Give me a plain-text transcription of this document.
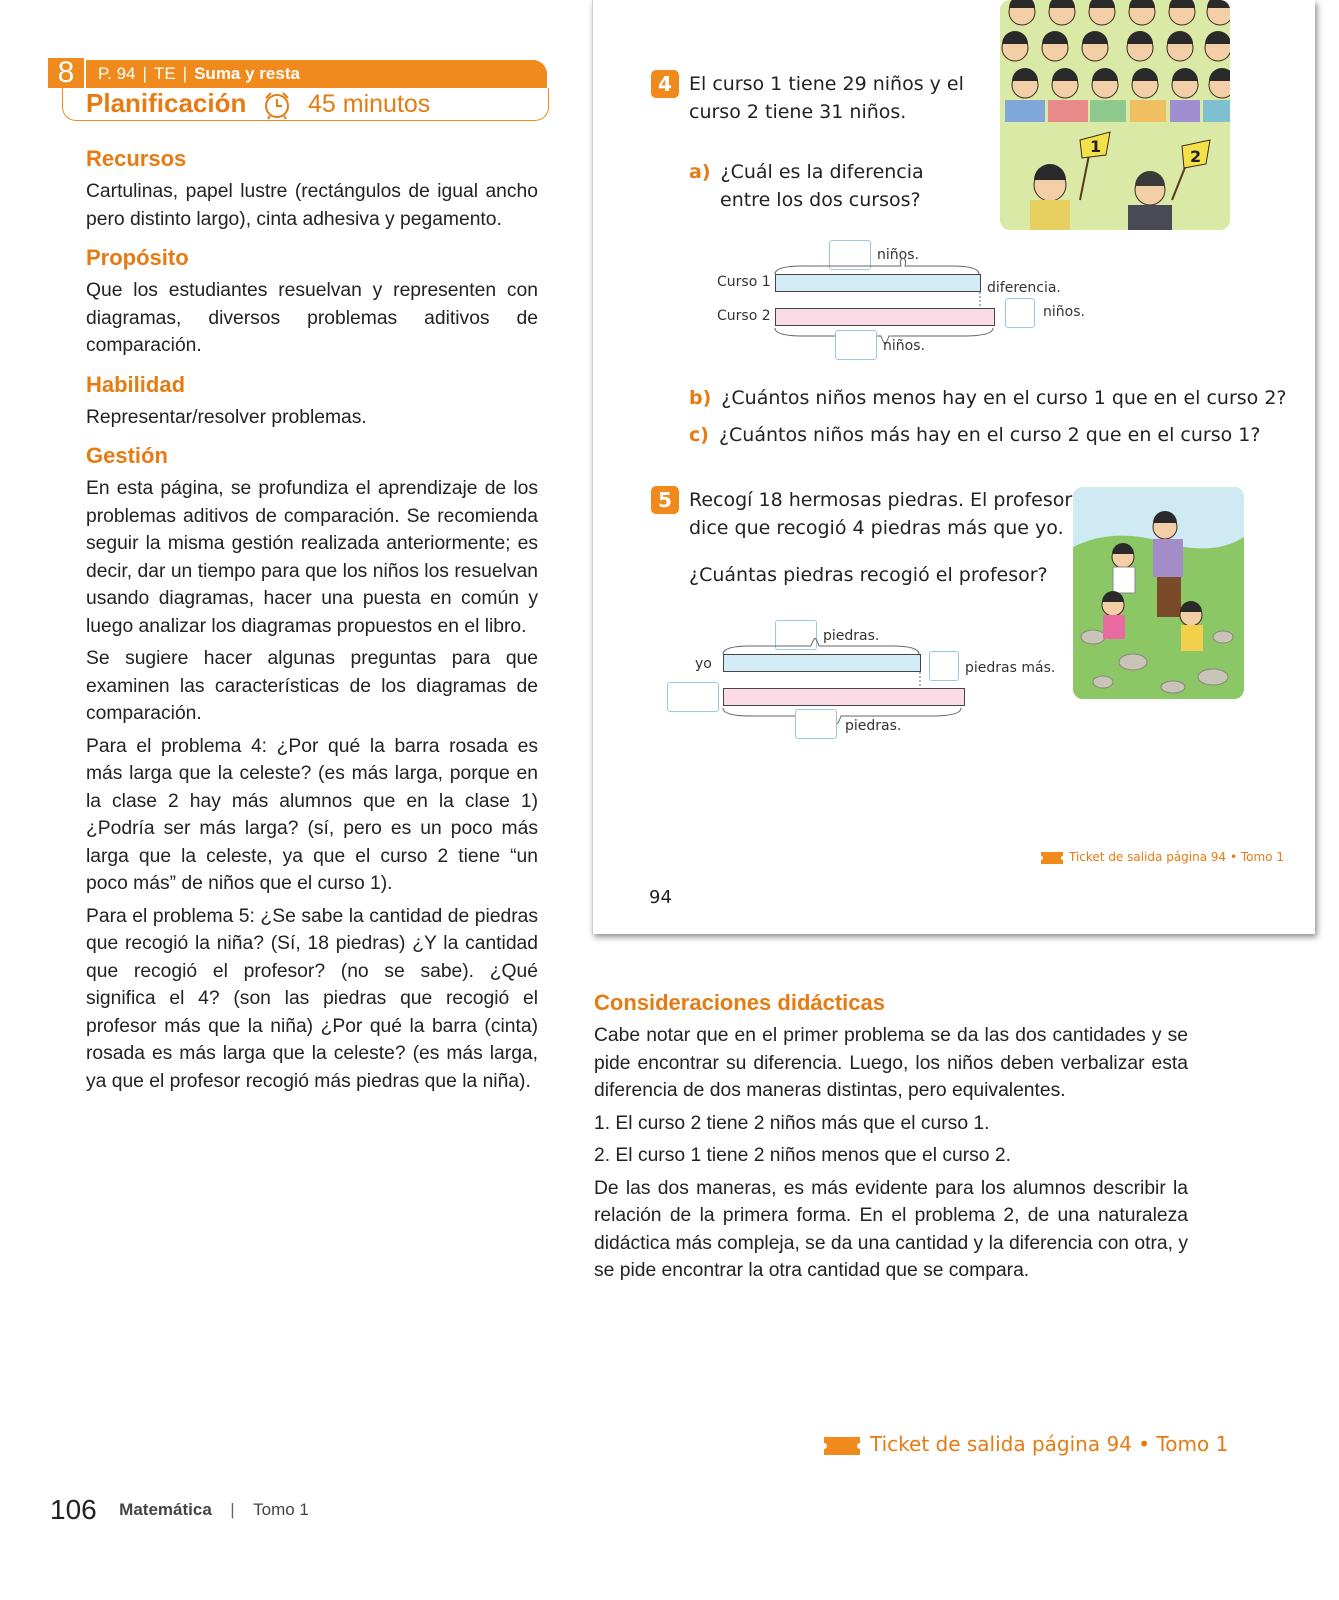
8	P. 94 | TE | Suma y resta
Planificación 45 minutos
Recursos

Cartulinas, papel lustre (rectángulos de igual ancho pero distinto largo), cinta adhesiva y pegamento.

Propósito

Que los estudiantes resuelvan y representen con diagramas, diversos problemas aditivos de comparación.

Habilidad

Representar/resolver problemas.

Gestión

En esta página, se profundiza el aprendizaje de los problemas aditivos de comparación. Se recomienda seguir la misma gestión realizada anteriormente; es decir, dar un tiempo para que los niños los resuelvan usando diagramas, hacer una puesta en común y luego analizar los diagramas propuestos en el libro.

Se sugiere hacer algunas preguntas para que examinen las características de los diagramas de comparación.

Para el problema 4: ¿Por qué la barra rosada es más larga que la celeste? (es más larga, porque en la clase 2 hay más alumnos que en la clase 1) ¿Podría ser más larga? (sí, pero es un poco más larga que la celeste, ya que el curso 2 tiene “un poco más” de niños que el curso 1).

Para el problema 5: ¿Se sabe la cantidad de piedras que recogió la niña? (Sí, 18 piedras) ¿Y la cantidad que recogió el profesor? (no se sabe). ¿Qué significa el 4? (son las piedras que recogió el profesor más que la niña) ¿Por qué la barra (cinta) rosada es más larga que la celeste? (es más larga, ya que el profesor recogió más piedras que la niña).

4 El curso 1 tiene 29 niños y el
curso 2 tiene 31 niños.
a) ¿Cuál es la diferencia
entre los dos cursos?
1
2
niños.
Curso 1	diferencia.
Curso 2	niños.
niños.
b) ¿Cuántos niños menos hay en el curso 1 que en el curso 2?
c) ¿Cuántos niños más hay en el curso 2 que en el curso 1?
5 Recogí 18 hermosas piedras. El profesor
dice que recogió 4 piedras más que yo.
¿Cuántas piedras recogió el profesor?
piedras.
yo	piedras más.
piedras.
Ticket de salida página 94 • Tomo 1
94
Consideraciones didácticas

Cabe notar que en el primer problema se da las dos cantidades y se pide encontrar su diferencia. Luego, los niños deben verbalizar esta diferencia de dos maneras distintas, pero equivalentes.

1. El curso 2 tiene 2 niños más que el curso 1.

2. El curso 1 tiene 2 niños menos que el curso 2.

De las dos maneras, es más evidente para los alumnos describir la relación de la primera forma. En el problema 2, de una naturaleza didáctica más compleja, se da una cantidad y la diferencia con otra, y se pide encontrar la otra cantidad que se compara.

Ticket de salida página 94 • Tomo 1
106 Matemática | Tomo 1
